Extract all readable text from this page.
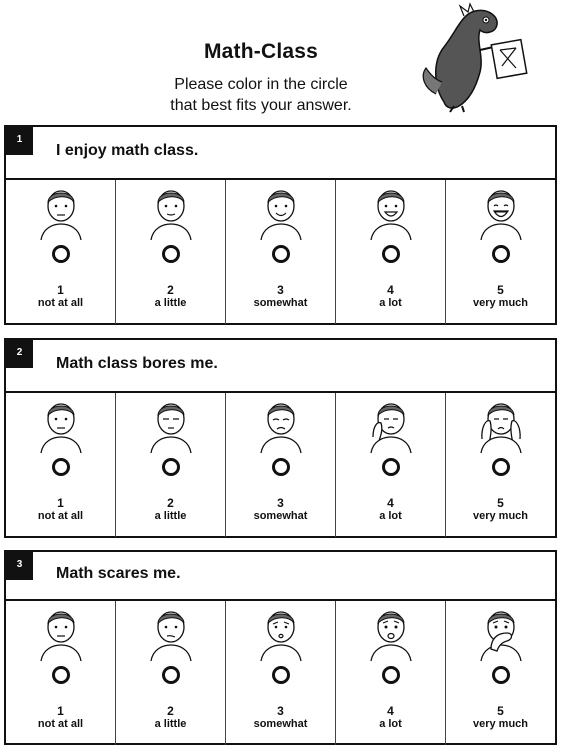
Math-Class
Please color in the circle
that best fits your answer.
1
I enjoy math class.
1
not at all
2
a little
3
somewhat
4
a lot
5
very much
2
Math class bores me.
1
not at all
2
a little
3
somewhat
4
a lot
5
very much
3
Math scares me.
1
not at all
2
a little
3
somewhat
4
a lot
5
very much
